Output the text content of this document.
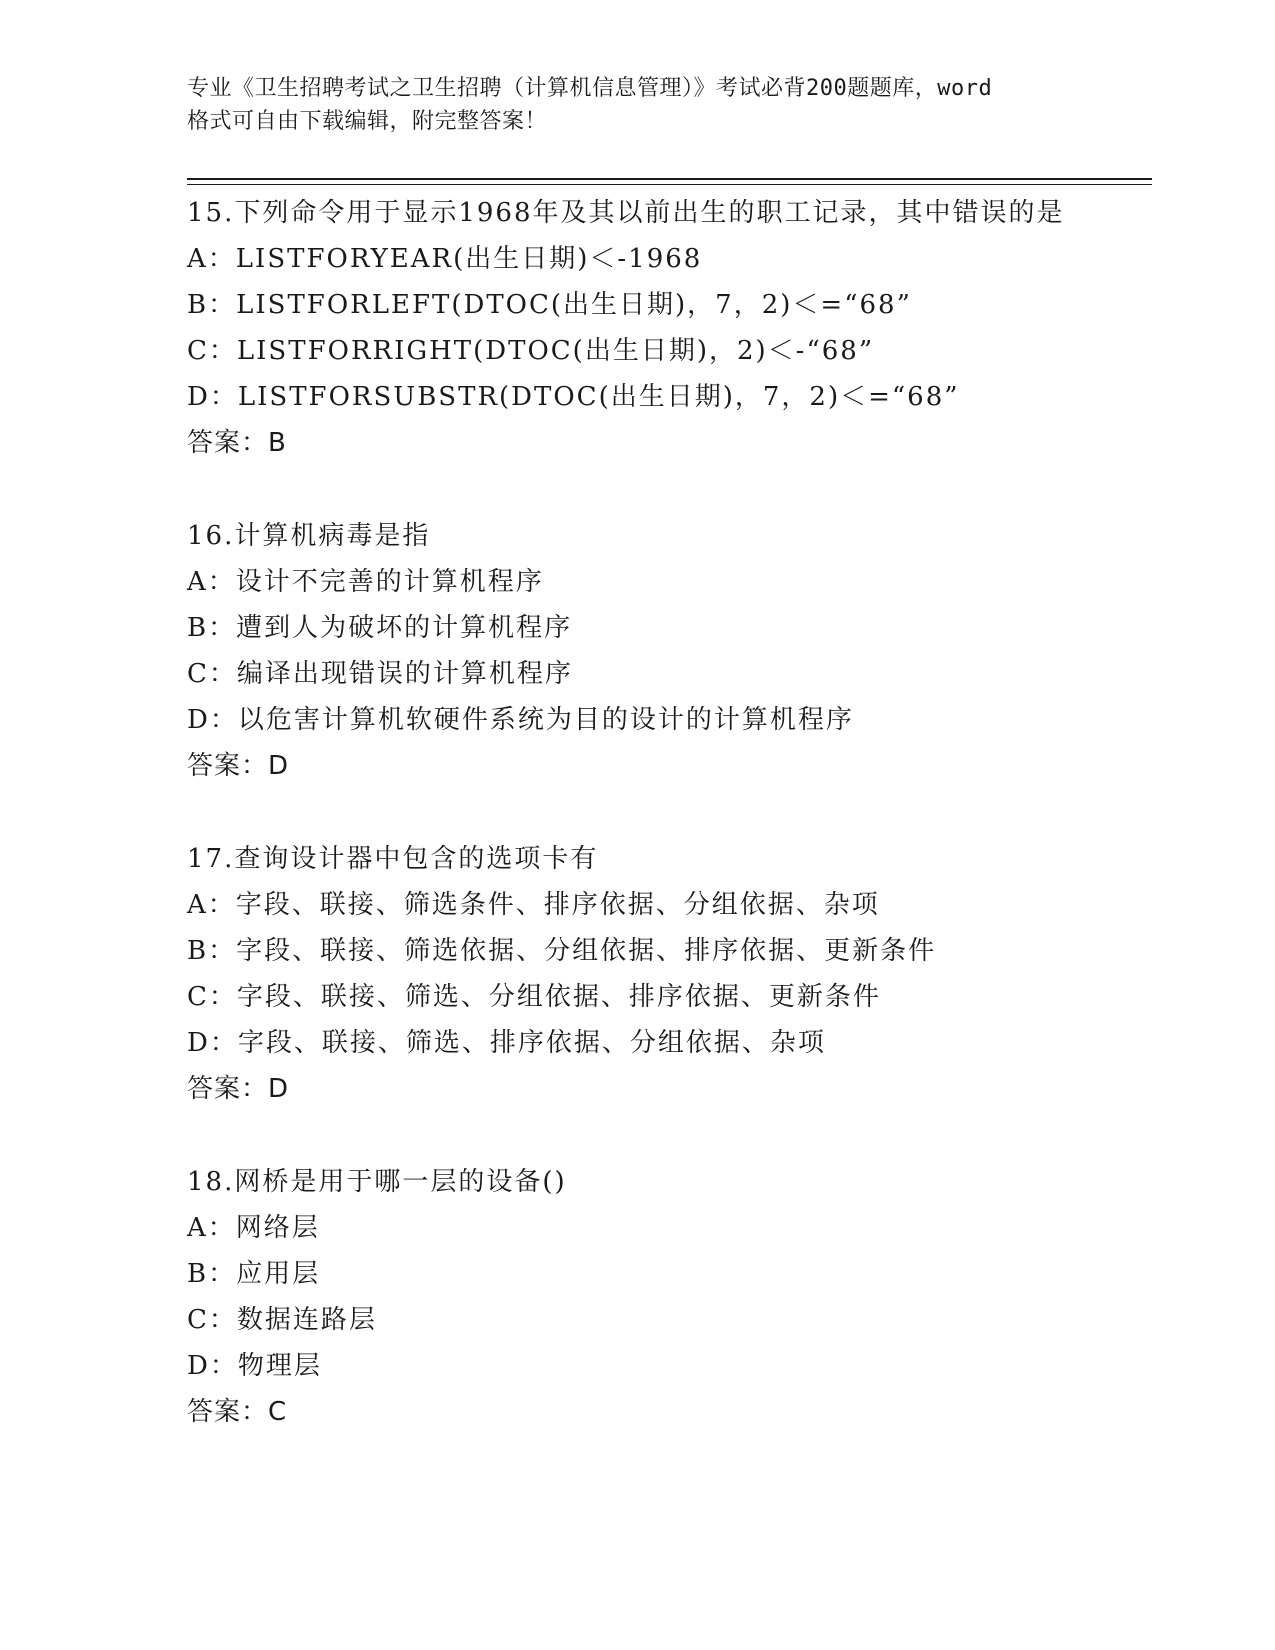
专业《卫生招聘考试之卫生招聘（计算机信息管理）》考试必背200题题库，word
格式可自由下载编辑，附完整答案！
15.下列命令用于显示1968年及其以前出生的职工记录，其中错误的是
A：LISTFORYEAR(出生日期)＜-1968
B：LISTFORLEFT(DTOC(出生日期)，7，2)＜=“68”
C：LISTFORRIGHT(DTOC(出生日期)，2)＜-“68”
D：LISTFORSUBSTR(DTOC(出生日期)，7，2)＜=“68”
答案：B
16.计算机病毒是指
A：设计不完善的计算机程序
B：遭到人为破坏的计算机程序
C：编译出现错误的计算机程序
D：以危害计算机软硬件系统为目的设计的计算机程序
答案：D
17.查询设计器中包含的选项卡有
A：字段、联接、筛选条件、排序依据、分组依据、杂项
B：字段、联接、筛选依据、分组依据、排序依据、更新条件
C：字段、联接、筛选、分组依据、排序依据、更新条件
D：字段、联接、筛选、排序依据、分组依据、杂项
答案：D
18.网桥是用于哪一层的设备()
A：网络层
B：应用层
C：数据连路层
D：物理层
答案：C
